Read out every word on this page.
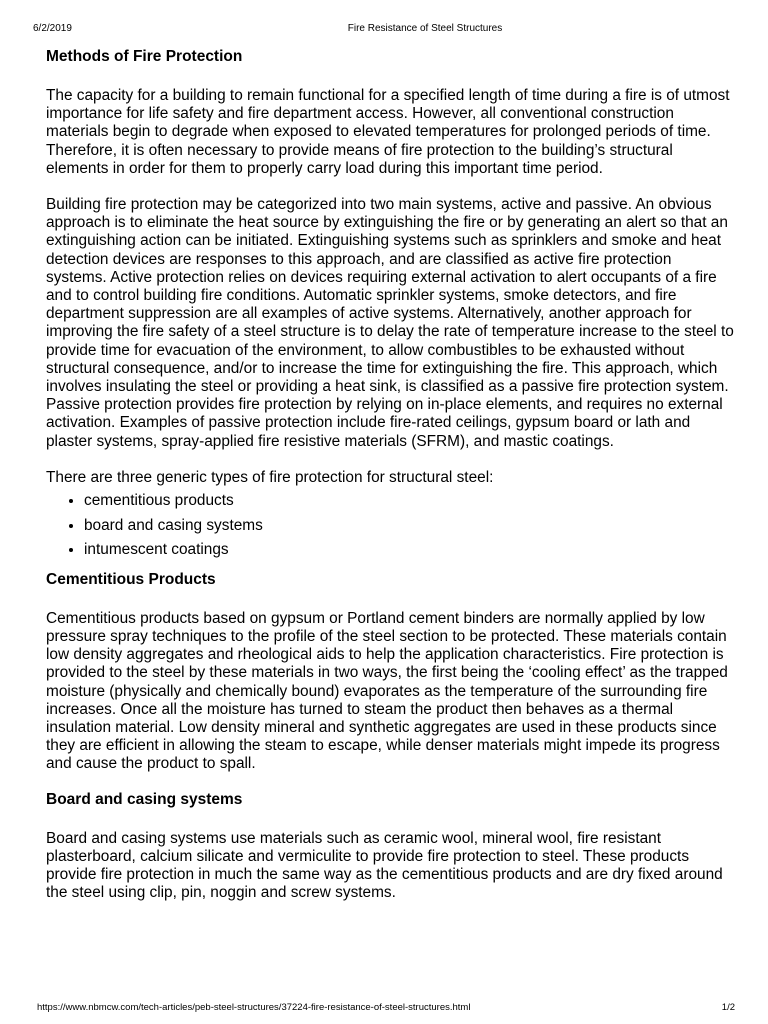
6/2/2019	Fire Resistance of Steel Structures
Methods of Fire Protection

The capacity for a building to remain functional for a specified length of time during a fire is of utmost importance for life safety and fire department access. However, all conventional construction materials begin to degrade when exposed to elevated temperatures for prolonged periods of time. Therefore, it is often necessary to provide means of fire protection to the building’s structural elements in order for them to properly carry load during this important time period.

Building fire protection may be categorized into two main systems, active and passive. An obvious approach is to eliminate the heat source by extinguishing the fire or by generating an alert so that an extinguishing action can be initiated. Extinguishing systems such as sprinklers and smoke and heat detection devices are responses to this approach, and are classified as active fire protection systems. Active protection relies on devices requiring external activation to alert occupants of a fire and to control building fire conditions. Automatic sprinkler systems, smoke detectors, and fire department suppression are all examples of active systems. Alternatively, another approach for improving the fire safety of a steel structure is to delay the rate of temperature increase to the steel to provide time for evacuation of the environment, to allow combustibles to be exhausted without structural consequence, and/or to increase the time for extinguishing the fire. This approach, which involves insulating the steel or providing a heat sink, is classified as a passive fire protection system. Passive protection provides fire protection by relying on in-place elements, and requires no external activation. Examples of passive protection include fire-rated ceilings, gypsum board or lath and plaster systems, spray-applied fire resistive materials (SFRM), and mastic coatings.

There are three generic types of fire protection for structural steel:

• cementitious products
• board and casing systems
• intumescent coatings
Cementitious Products

Cementitious products based on gypsum or Portland cement binders are normally applied by low pressure spray techniques to the profile of the steel section to be protected. These materials contain low density aggregates and rheological aids to help the application characteristics. Fire protection is provided to the steel by these materials in two ways, the first being the ‘cooling effect’ as the trapped moisture (physically and chemically bound) evaporates as the temperature of the surrounding fire increases. Once all the moisture has turned to steam the product then behaves as a thermal insulation material. Low density mineral and synthetic aggregates are used in these products since they are efficient in allowing the steam to escape, while denser materials might impede its progress and cause the product to spall.

Board and casing systems

Board and casing systems use materials such as ceramic wool, mineral wool, fire resistant plasterboard, calcium silicate and vermiculite to provide fire protection to steel. These products provide fire protection in much the same way as the cementitious products and are dry fixed around the steel using clip, pin, noggin and screw systems.

https://www.nbmcw.com/tech-articles/peb-steel-structures/37224-fire-resistance-of-steel-structures.html	1/2
